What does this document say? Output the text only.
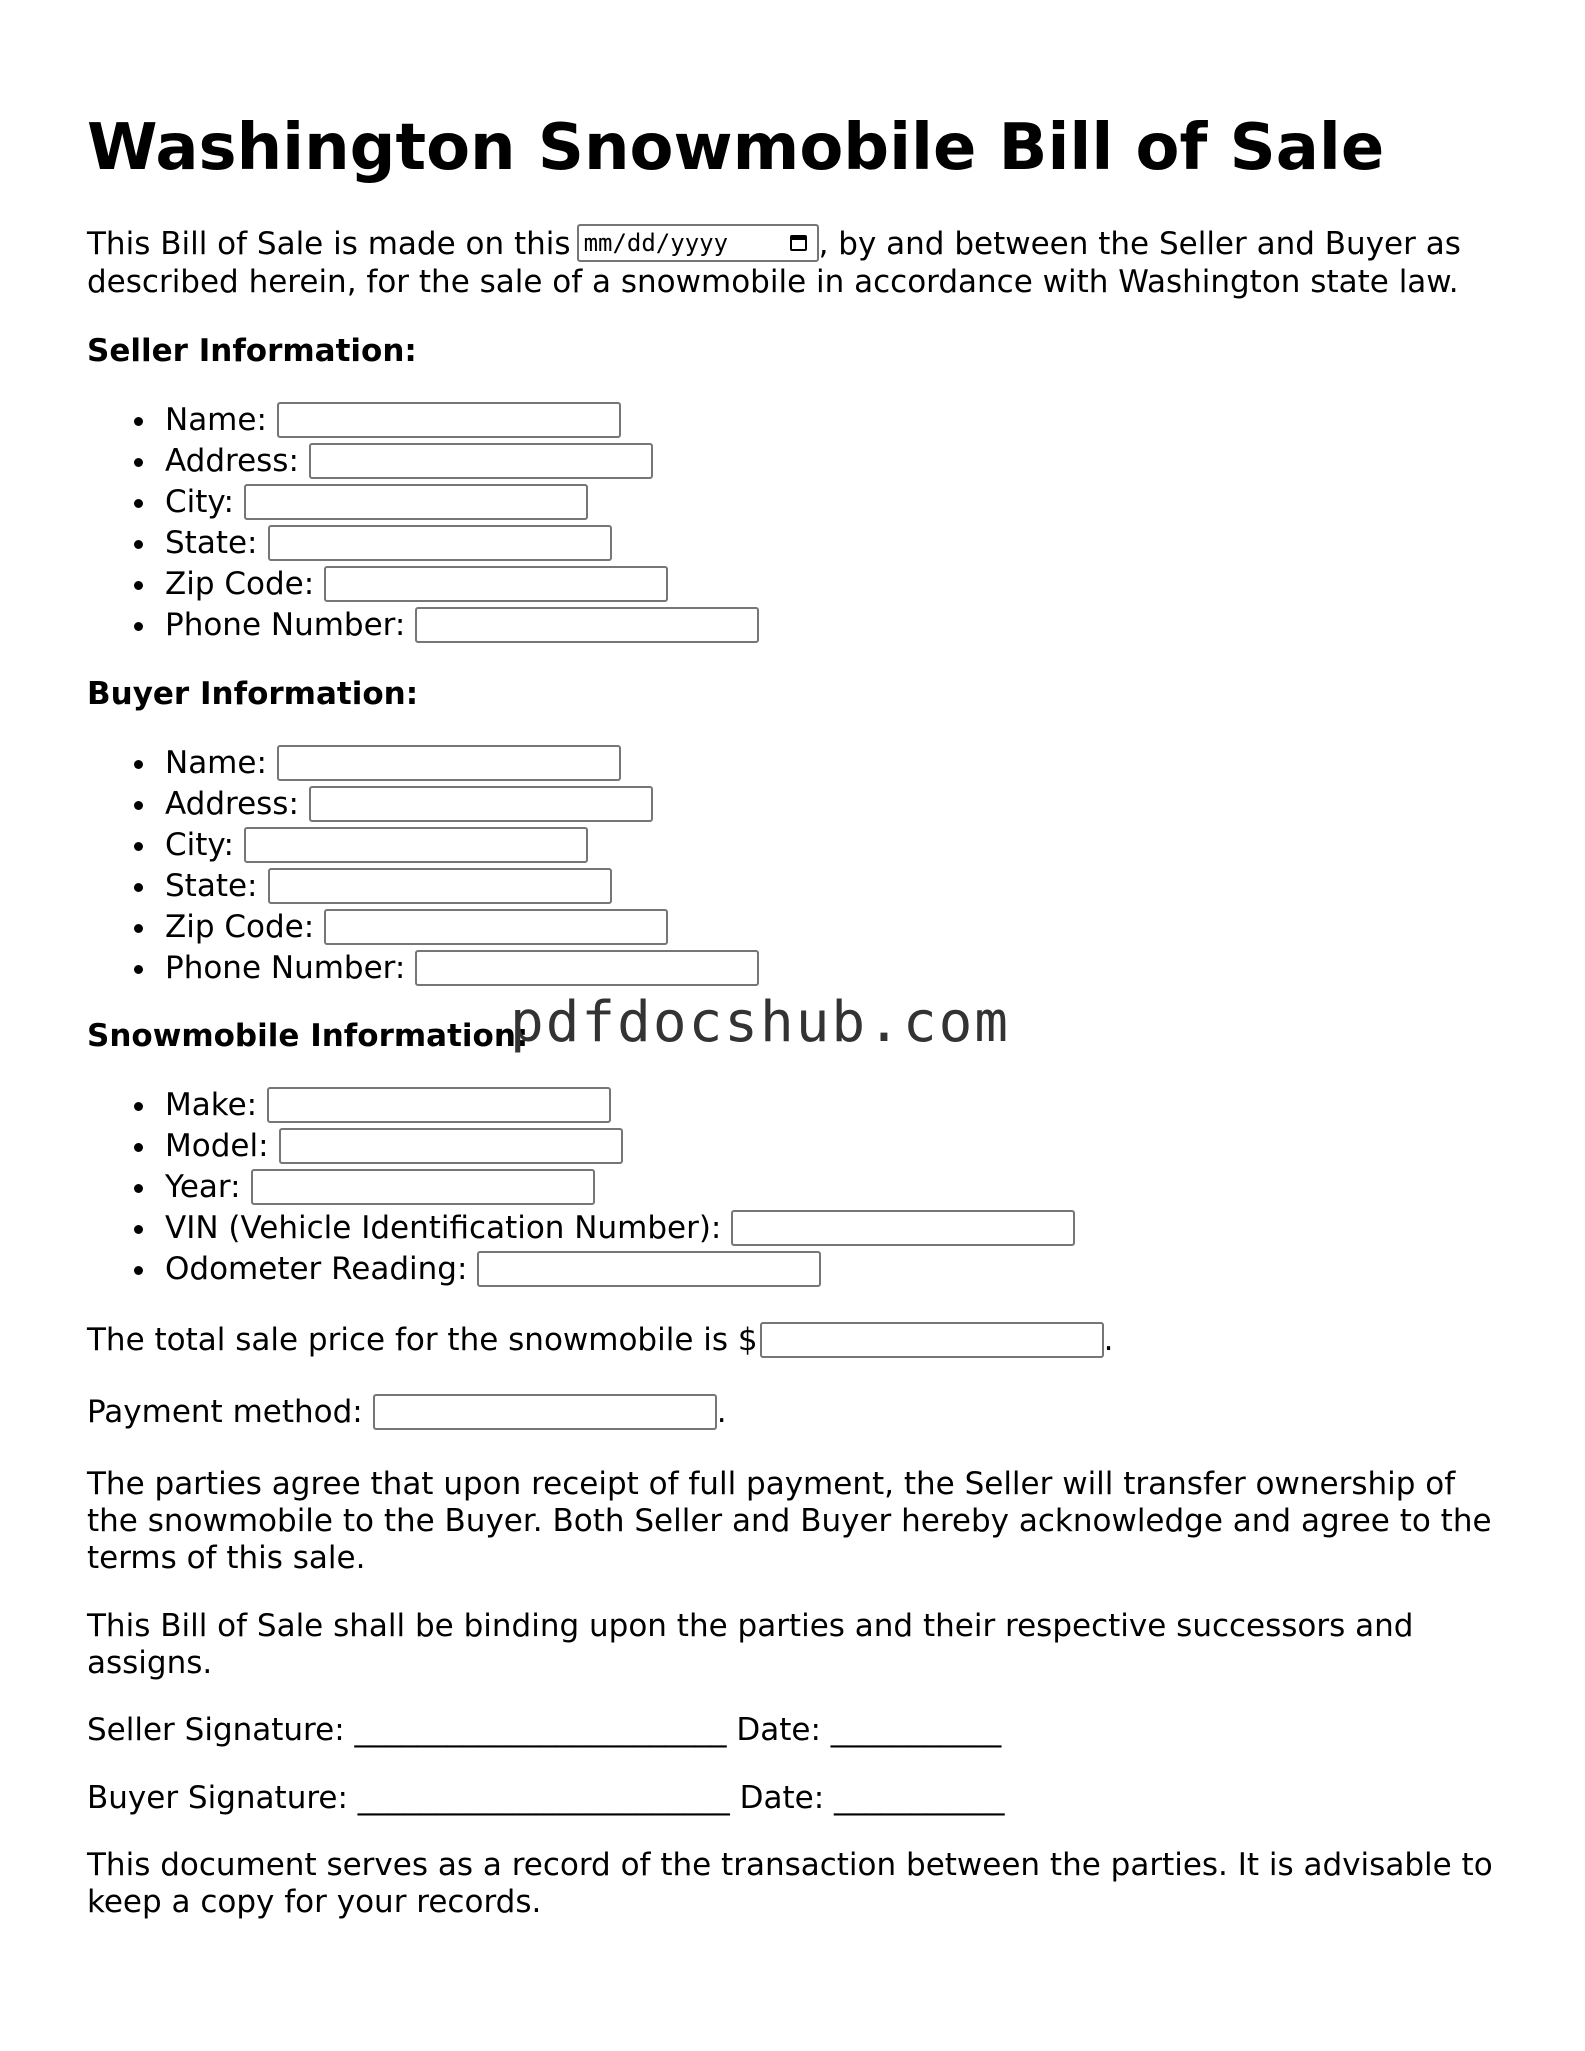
Washington Snowmobile Bill of Sale
This Bill of Sale is made on this mm/dd/yyyy	, by and between the Seller and Buyer as
described herein, for the sale of a snowmobile in accordance with Washington state law.
Seller Information:
Name:
Address:
City:
State:
Zip Code:
Phone Number:
Buyer Information:
Name:
Address:
City:
State:
Zip Code:
Phone Number:
Snowmobile Information:
Make:
Model:
Year:
VIN (Vehicle Identification Number):
Odometer Reading:
The total sale price for the snowmobile is $	.
Payment method:	.
The parties agree that upon receipt of full payment, the Seller will transfer ownership of the snowmobile to the Buyer. Both Seller and Buyer hereby acknowledge and agree to the terms of this sale.
This Bill of Sale shall be binding upon the parties and their respective successors and assigns.
Seller Signature: ________________________ Date: ___________
Buyer Signature: ________________________ Date: ___________
This document serves as a record of the transaction between the parties. It is advisable to keep a copy for your records.
pdfdocshub.com
